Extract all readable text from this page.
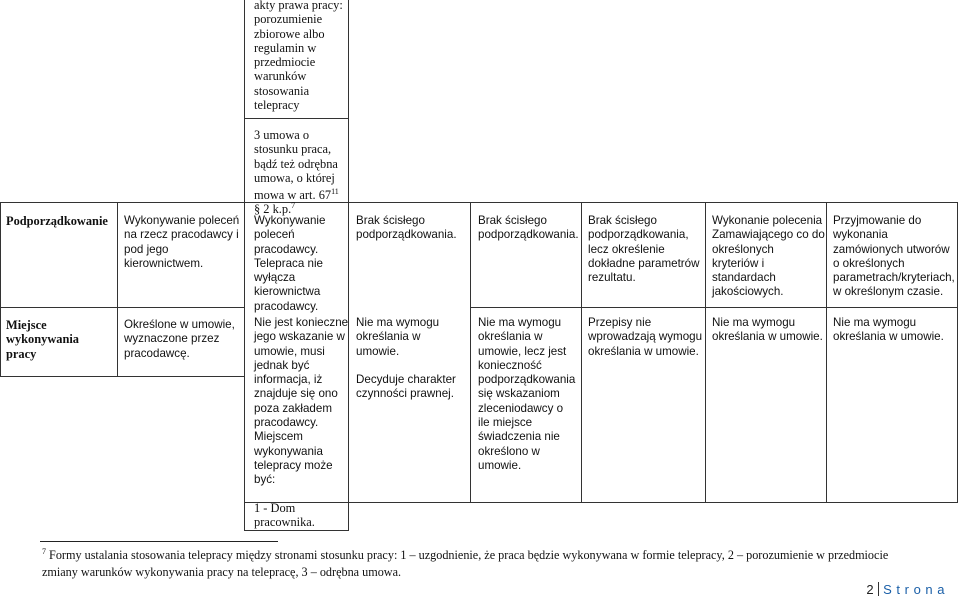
akty prawa pracy:
porozumienie
zbiorowe albo
regulamin w
przedmiocie
warunków
stosowania
telepracy
3 umowa o
stosunku praca,
bądź też odrębna
umowa, o której
mowa w art. $67^{11}$
§ 2 k.p.$^7$
Podporządkowanie Wykonywanie poleceń
na rzecz pracodawcy i
pod jego
kierownictwem.
Wykonywanie
poleceń
pracodawcy.
Telepraca nie
wyłącza
kierownictwa
pracodawcy.
Brak ścisłego
podporządkowania.
Brak ścisłego
podporządkowania.
Brak ścisłego
podporządkowania,
lecz określenie
dokładne parametrów
rezultatu.
Wykonanie polecenia
Zamawiającego co do
określonych
kryteriów i
standardach
jakościowych.
Przyjmowanie do
wykonania
zamówionych utworów
o określonych
parametrach/kryteriach,
w określonym czasie.
Miejsce
wykonywania
pracy
Określone w umowie,
wyznaczone przez
pracodawcę.
Nie jest konieczne
jego wskazanie w
umowie, musi
jednak być
informacja, iż
znajduje się ono
poza zakładem
pracodawcy.
Miejscem
wykonywania
telepracy może
być:
Nie ma wymogu
określania w
umowie.

Decyduje charakter
czynności prawnej.
Nie ma wymogu
określania w
umowie, lecz jest
konieczność
podporządkowania
się wskazaniom
zleceniodawcy o
ile miejsce
świadczenia nie
określono w
umowie.
Przepisy nie
wprowadzają wymogu
określania w umowie.
Nie ma wymogu
określania w umowie.
Nie ma wymogu
określania w umowie.
1 - Dom
pracownika.
$^7$ Formy ustalania stosowania telepracy między stronami stosunku pracy: 1 – uzgodnienie, że praca będzie wykonywana w formie telepracy, 2 – porozumienie w przedmiocie
zmiany warunków wykonywania pracy na telepracę, 3 – odrębna umowa.
2 S t r o n a
